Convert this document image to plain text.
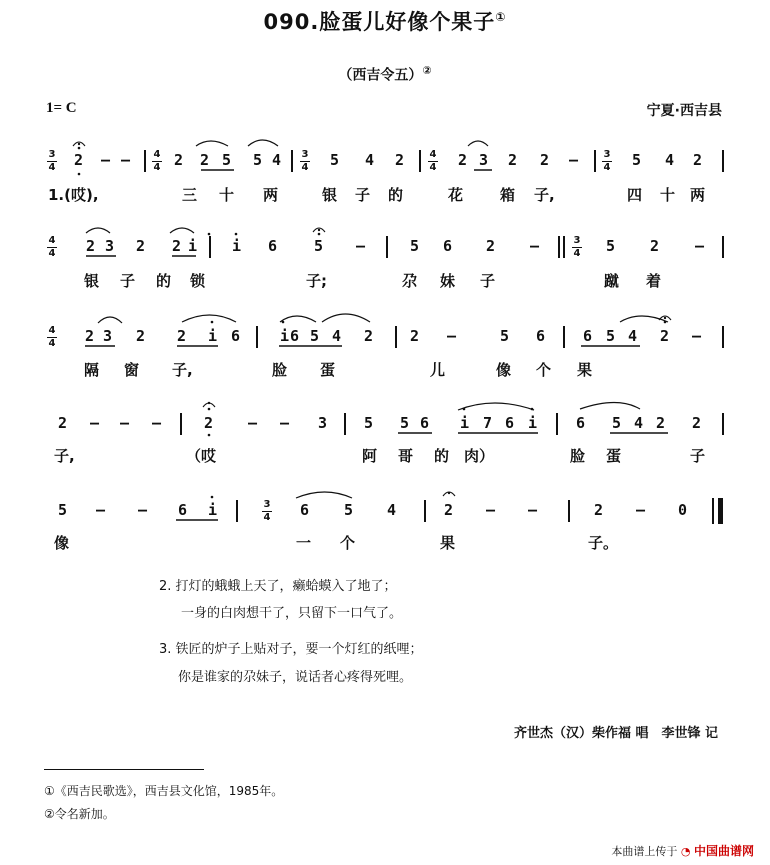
090.脸蛋儿好像个果子①
（西吉令五）②
1= C	宁夏·西吉县
3
4 2 – – 4
4 2 2 5 5 4 3
4 5 4 2	4
4 2 3 2 2 –	3
4 5 4 2
1.(哎),	三 十 两	银 子 的	花 箱 子,	四 十 两
4
4 2 3 2 2 i i 6 5 –	5 6 2 –	3
4 5 2 –
银 子 的 锁	子;	尕 妹 子	蹴 着
4
4 2 3 2 2 i 6	i 6 5 4 2 2 –	5 6	6 5 4 2 –
隔 窗 子,	脸 蛋	儿	像 个 果
2 – – –	2 – – 3 5 5 6 i 7 6 i	6 5 4 2 2
子,	（哎	阿 哥 的 肉）	脸 蛋	子
5 – – 6 i	3
4 6 5 4	2 – –	2 – 0
像	一 个	果	子。
2. 打灯的蛾蛾上天了，癞蛤蟆入了地了；
一身的白肉想干了，只留下一口气了。
3. 铁匠的炉子上贴对子，要一个灯红的纸哩；
你是谁家的尕妹子，说话者心疼得死哩。
齐世杰（汉）柴作福 唱　李世锋 记
①《西吉民歌选》，西吉县文化馆，1985年。
②令名新加。
本曲谱上传于 ◔ 中国曲谱网
